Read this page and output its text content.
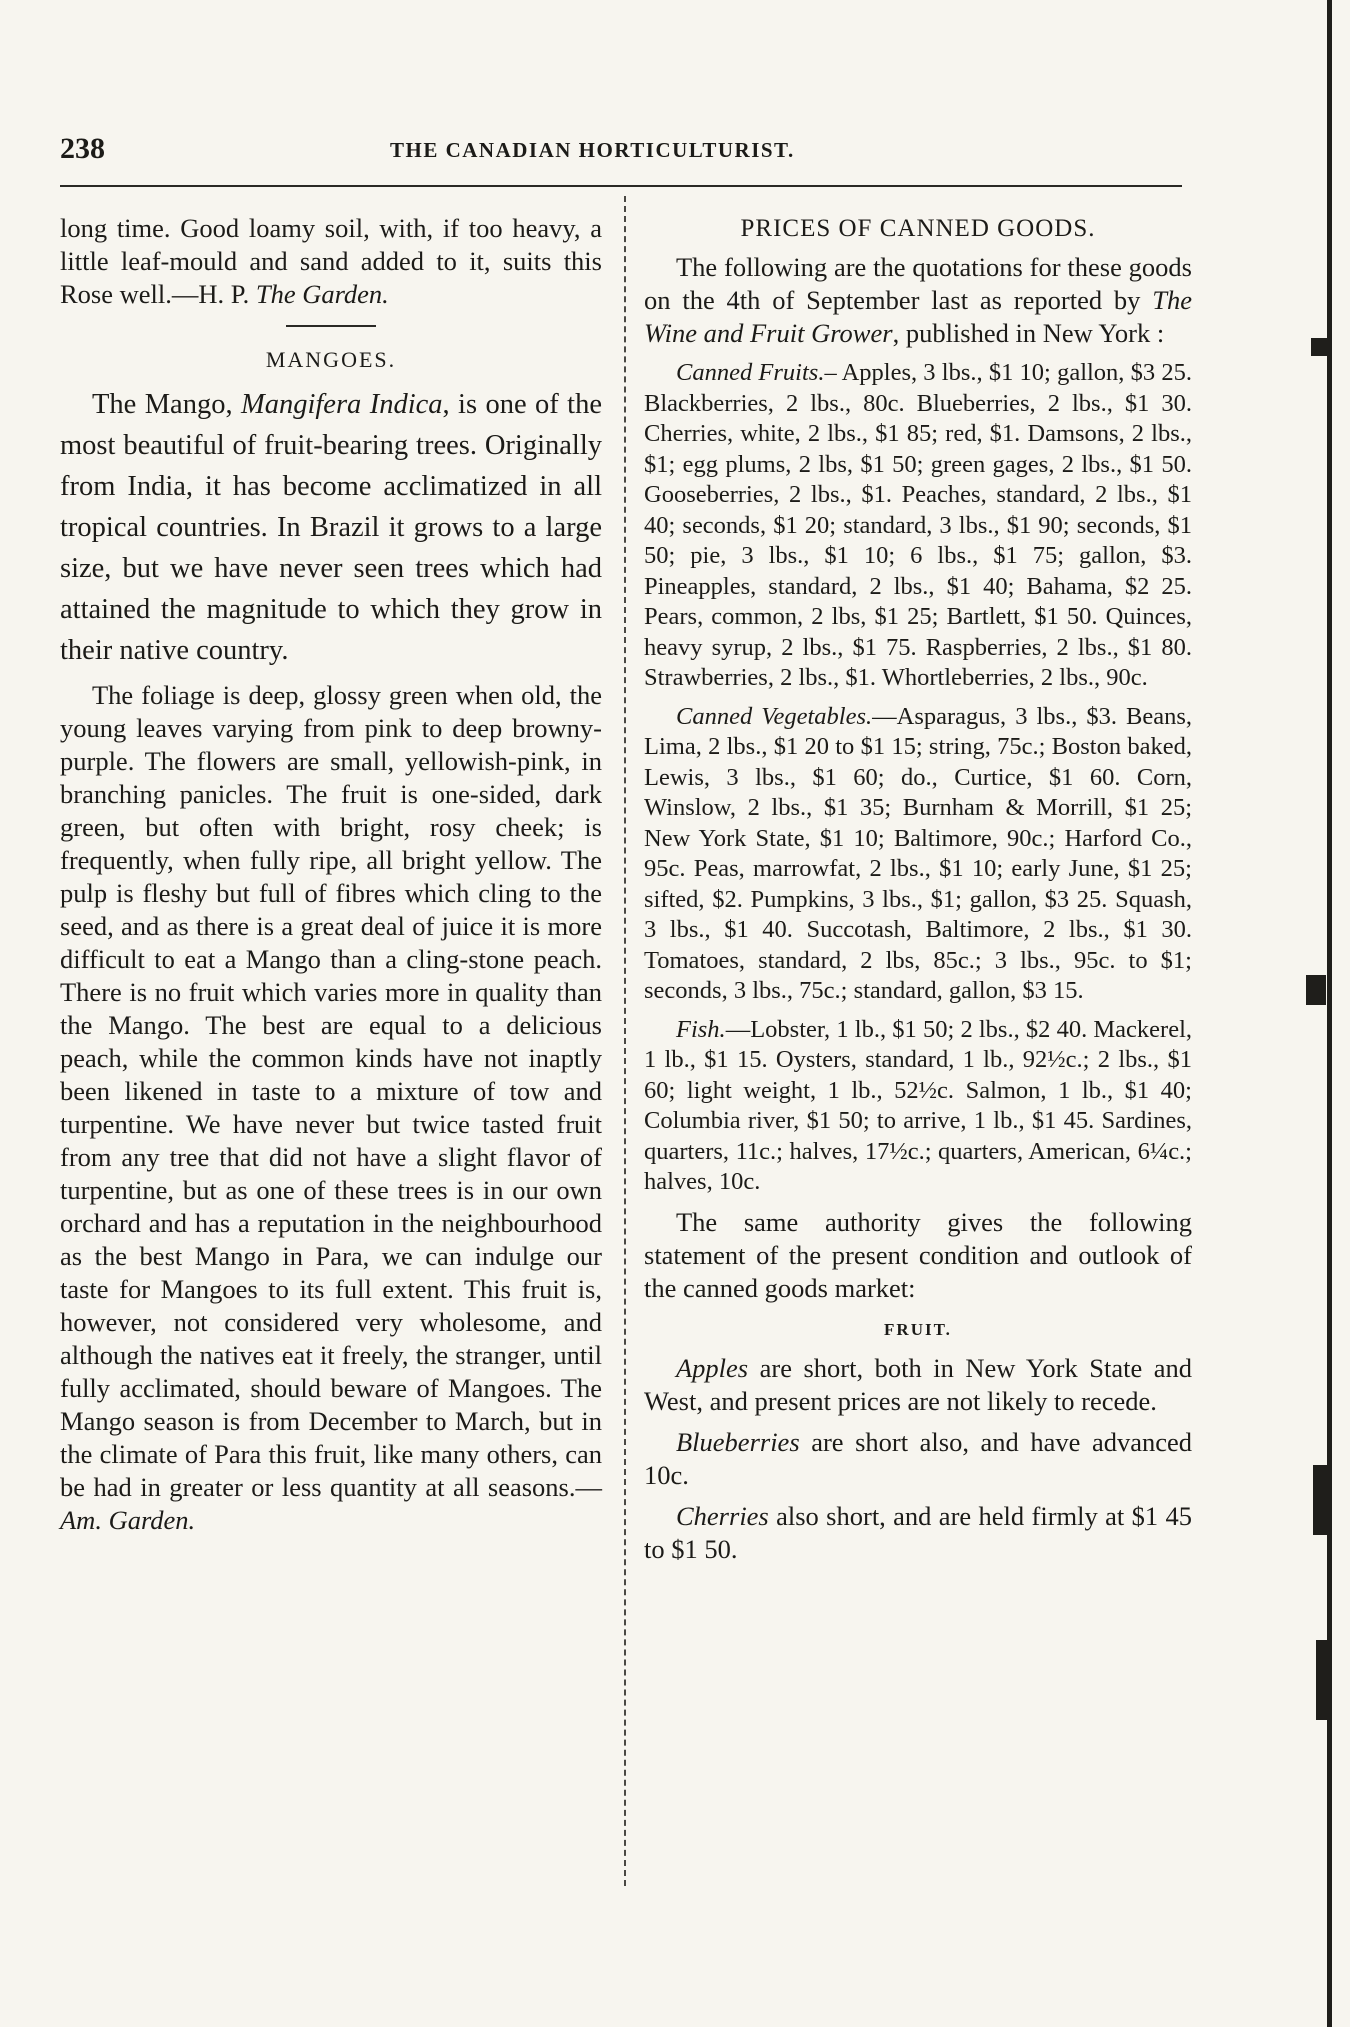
238	THE CANADIAN HORTICULTURIST.

long time. Good loamy soil, with, if too heavy, a little leaf-mould and sand added to it, suits this Rose well.—H. P. The Garden.

MANGOES.

The Mango, Mangifera Indica, is one of the most beautiful of fruit-bearing trees. Originally from India, it has become acclimatized in all tropical countries. In Brazil it grows to a large size, but we have never seen trees which had attained the magnitude to which they grow in their native country.

The foliage is deep, glossy green when old, the young leaves varying from pink to deep browny-purple. The flowers are small, yellowish-pink, in branching panicles. The fruit is one-sided, dark green, but often with bright, rosy cheek; is frequently, when fully ripe, all bright yellow. The pulp is fleshy but full of fibres which cling to the seed, and as there is a great deal of juice it is more difficult to eat a Mango than a cling-stone peach. There is no fruit which varies more in quality than the Mango. The best are equal to a delicious peach, while the common kinds have not inaptly been likened in taste to a mixture of tow and turpentine. We have never but twice tasted fruit from any tree that did not have a slight flavor of turpentine, but as one of these trees is in our own orchard and has a reputation in the neighbourhood as the best Mango in Para, we can indulge our taste for Mangoes to its full extent. This fruit is, however, not considered very wholesome, and although the natives eat it freely, the stranger, until fully acclimated, should beware of Mangoes. The Mango season is from December to March, but in the climate of Para this fruit, like many others, can be had in greater or less quantity at all seasons.—Am. Garden.

PRICES OF CANNED GOODS.

The following are the quotations for these goods on the 4th of September last as reported by The Wine and Fruit Grower, published in New York :

Canned Fruits.– Apples, 3 lbs., $1 10; gallon, $3 25. Blackberries, 2 lbs., 80c. Blueberries, 2 lbs., $1 30. Cherries, white, 2 lbs., $1 85; red, $1. Damsons, 2 lbs., $1; egg plums, 2 lbs, $1 50; green gages, 2 lbs., $1 50. Gooseberries, 2 lbs., $1. Peaches, standard, 2 lbs., $1 40; seconds, $1 20; standard, 3 lbs., $1 90; seconds, $1 50; pie, 3 lbs., $1 10; 6 lbs., $1 75; gallon, $3. Pineapples, standard, 2 lbs., $1 40; Bahama, $2 25. Pears, common, 2 lbs, $1 25; Bartlett, $1 50. Quinces, heavy syrup, 2 lbs., $1 75. Raspberries, 2 lbs., $1 80. Strawberries, 2 lbs., $1. Whortleberries, 2 lbs., 90c.

Canned Vegetables.—Asparagus, 3 lbs., $3. Beans, Lima, 2 lbs., $1 20 to $1 15; string, 75c.; Boston baked, Lewis, 3 lbs., $1 60; do., Curtice, $1 60. Corn, Winslow, 2 lbs., $1 35; Burnham & Morrill, $1 25; New York State, $1 10; Baltimore, 90c.; Harford Co., 95c. Peas, marrowfat, 2 lbs., $1 10; early June, $1 25; sifted, $2. Pumpkins, 3 lbs., $1; gallon, $3 25. Squash, 3 lbs., $1 40. Succotash, Baltimore, 2 lbs., $1 30. Tomatoes, standard, 2 lbs, 85c.; 3 lbs., 95c. to $1; seconds, 3 lbs., 75c.; standard, gallon, $3 15.

Fish.—Lobster, 1 lb., $1 50; 2 lbs., $2 40. Mackerel, 1 lb., $1 15. Oysters, standard, 1 lb., 92½c.; 2 lbs., $1 60; light weight, 1 lb., 52½c. Salmon, 1 lb., $1 40; Columbia river, $1 50; to arrive, 1 lb., $1 45. Sardines, quarters, 11c.; halves, 17½c.; quarters, American, 6¼c.; halves, 10c.

The same authority gives the following statement of the present condition and outlook of the canned goods market:

FRUIT.

Apples are short, both in New York State and West, and present prices are not likely to recede.

Blueberries are short also, and have advanced 10c.

Cherries also short, and are held firmly at $1 45 to $1 50.
